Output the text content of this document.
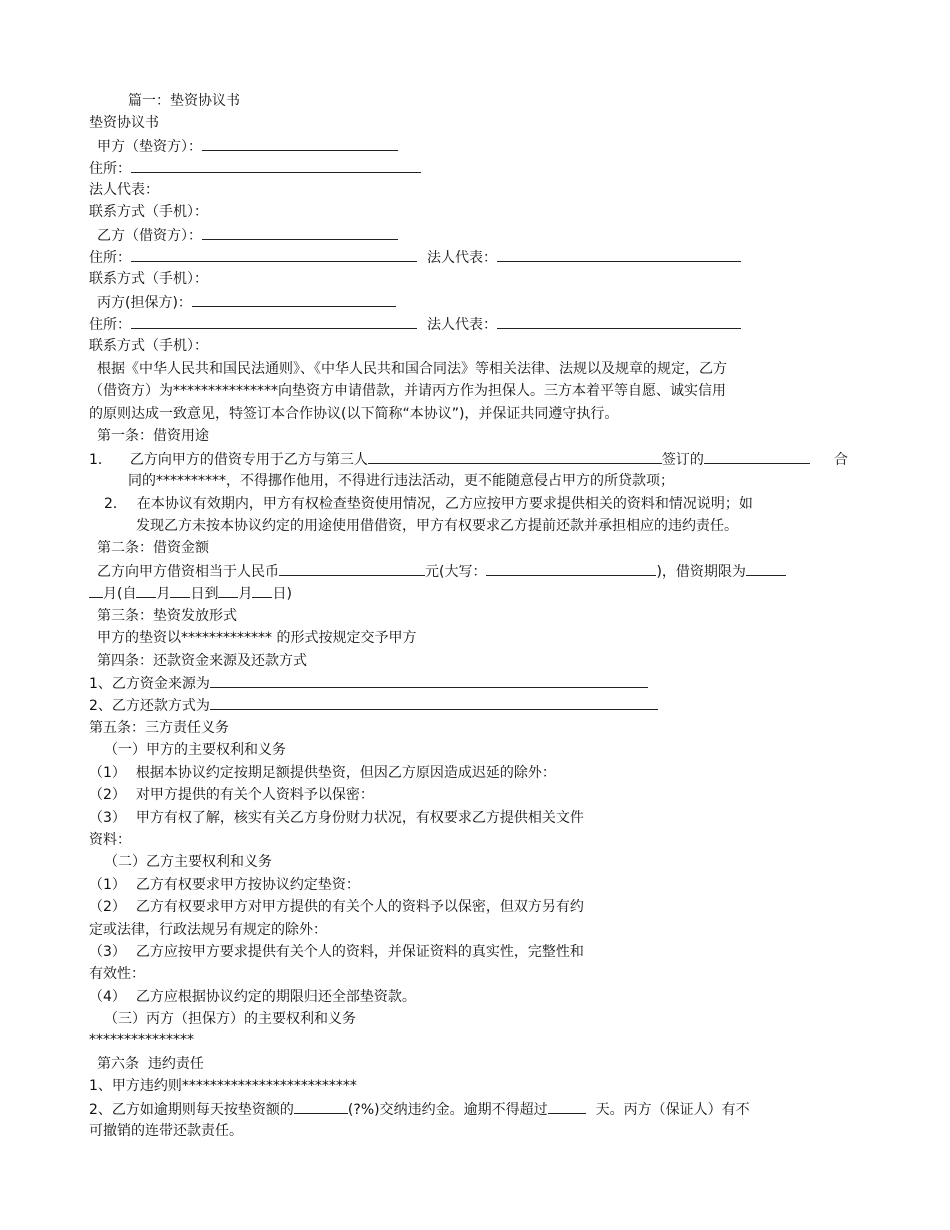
篇一：垫资协议书
垫资协议书
甲方（垫资方）：
住所：
法人代表：
联系方式（手机）：
乙方（借资方）：
住所：	法人代表：
联系方式（手机）：
丙方(担保方)：
住所：	法人代表：
联系方式（手机）：
根据《中华人民共和国民法通则》、《中华人民共和国合同法》等相关法律、法规以及规章的规定，乙方
（借资方）为***************向垫资方申请借款，并请丙方作为担保人。三方本着平等自愿、诚实信用
的原则达成一致意见，特签订本合作协议(以下简称“本协议”)，并保证共同遵守执行。
第一条：借资用途
1． 乙方向甲方的借资专用于乙方与第三人	签订的	合
同的**********，不得挪作他用，不得进行违法活动，更不能随意侵占甲方的所贷款项；
2． 在本协议有效期内，甲方有权检查垫资使用情况，乙方应按甲方要求提供相关的资料和情况说明；如
发现乙方未按本协议约定的用途使用借借资，甲方有权要求乙方提前还款并承担相应的违约责任。
第二条：借资金额
乙方向甲方借资相当于人民币	元(大写：	)，借资期限为
月(自 月 日到 月 日)
第三条：垫资发放形式
甲方的垫资以************* 的形式按规定交予甲方
第四条：还款资金来源及还款方式
1、乙方资金来源为
2、乙方还款方式为
第五条：三方责任义务
（一）甲方的主要权利和义务
（1） 根据本协议约定按期足额提供垫资，但因乙方原因造成迟延的除外：
（2） 对甲方提供的有关个人资料予以保密：
（3） 甲方有权了解，核实有关乙方身份财力状况，有权要求乙方提供相关文件
资料：
（二）乙方主要权利和义务
（1） 乙方有权要求甲方按协议约定垫资：
（2） 乙方有权要求甲方对甲方提供的有关个人的资料予以保密，但双方另有约
定或法律，行政法规另有规定的除外：
（3） 乙方应按甲方要求提供有关个人的资料，并保证资料的真实性，完整性和
有效性：
（4） 乙方应根据协议约定的期限归还全部垫资款。
（三）丙方（担保方）的主要权利和义务
***************
第六条  违约责任
1、甲方违约则*************************
2、乙方如逾期则每天按垫资额的	(?%)交纳违约金。逾期不得超过	天。丙方（保证人）有不
可撤销的连带还款责任。
